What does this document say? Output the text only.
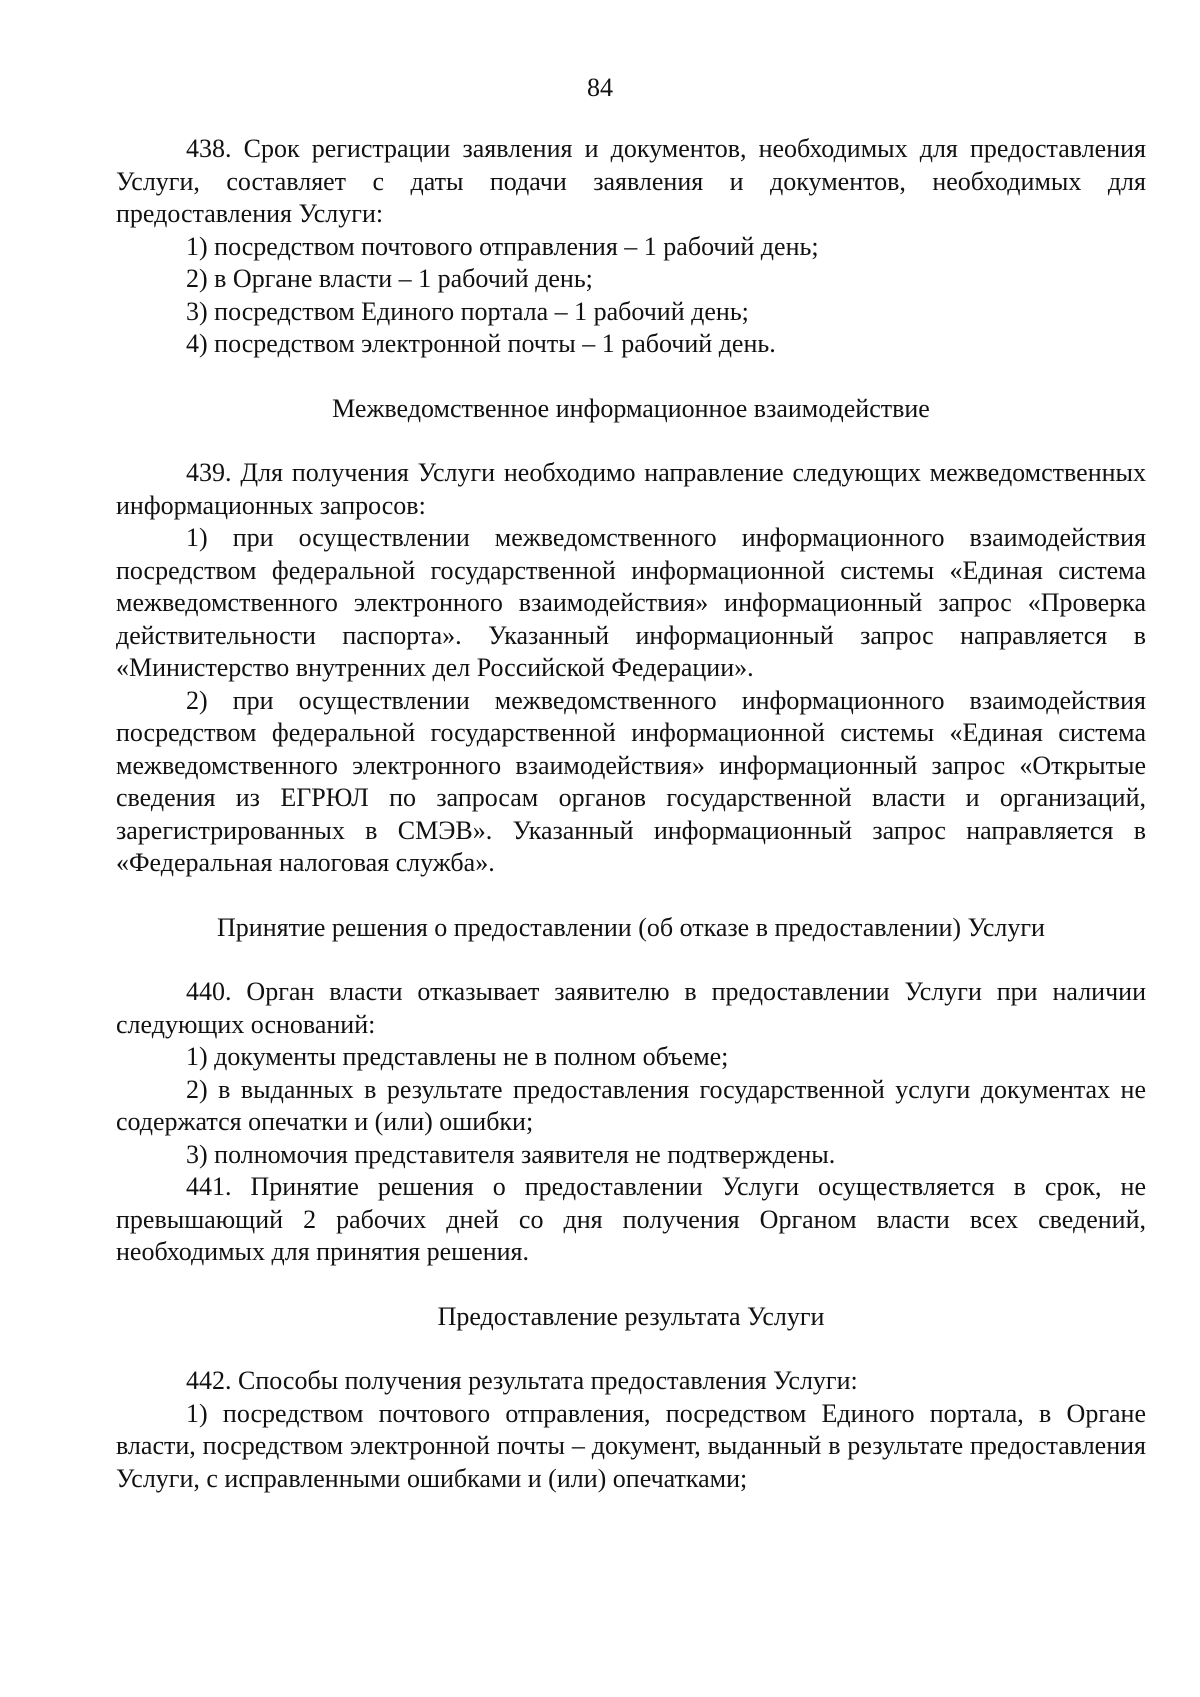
84

438. Срок регистрации заявления и документов, необходимых для предоставления Услуги, составляет с даты подачи заявления и документов, необходимых для предоставления Услуги:

1) посредством почтового отправления – 1 рабочий день;

2) в Органе власти – 1 рабочий день;

3) посредством Единого портала – 1 рабочий день;

4) посредством электронной почты – 1 рабочий день.

Межведомственное информационное взаимодействие

439. Для получения Услуги необходимо направление следующих межведомственных информационных запросов:

1) при осуществлении межведомственного информационного взаимодействия посредством федеральной государственной информационной системы «Единая система межведомственного электронного взаимодействия» информационный запрос «Проверка действительности паспорта». Указанный информационный запрос направляется в «Министерство внутренних дел Российской Федерации».

2) при осуществлении межведомственного информационного взаимодействия посредством федеральной государственной информационной системы «Единая система межведомственного электронного взаимодействия» информационный запрос «Открытые сведения из ЕГРЮЛ по запросам органов государственной власти и организаций, зарегистрированных в СМЭВ». Указанный информационный запрос направляется в «Федеральная налоговая служба».

Принятие решения о предоставлении (об отказе в предоставлении) Услуги

440. Орган власти отказывает заявителю в предоставлении Услуги при наличии следующих оснований:

1) документы представлены не в полном объеме;

2) в выданных в результате предоставления государственной услуги документах не содержатся опечатки и (или) ошибки;

3) полномочия представителя заявителя не подтверждены.

441. Принятие решения о предоставлении Услуги осуществляется в срок, не превышающий 2 рабочих дней со дня получения Органом власти всех сведений, необходимых для принятия решения.

Предоставление результата Услуги

442. Способы получения результата предоставления Услуги:

1) посредством почтового отправления, посредством Единого портала, в Органе власти, посредством электронной почты – документ, выданный в результате предоставления Услуги, с исправленными ошибками и (или) опечатками;
